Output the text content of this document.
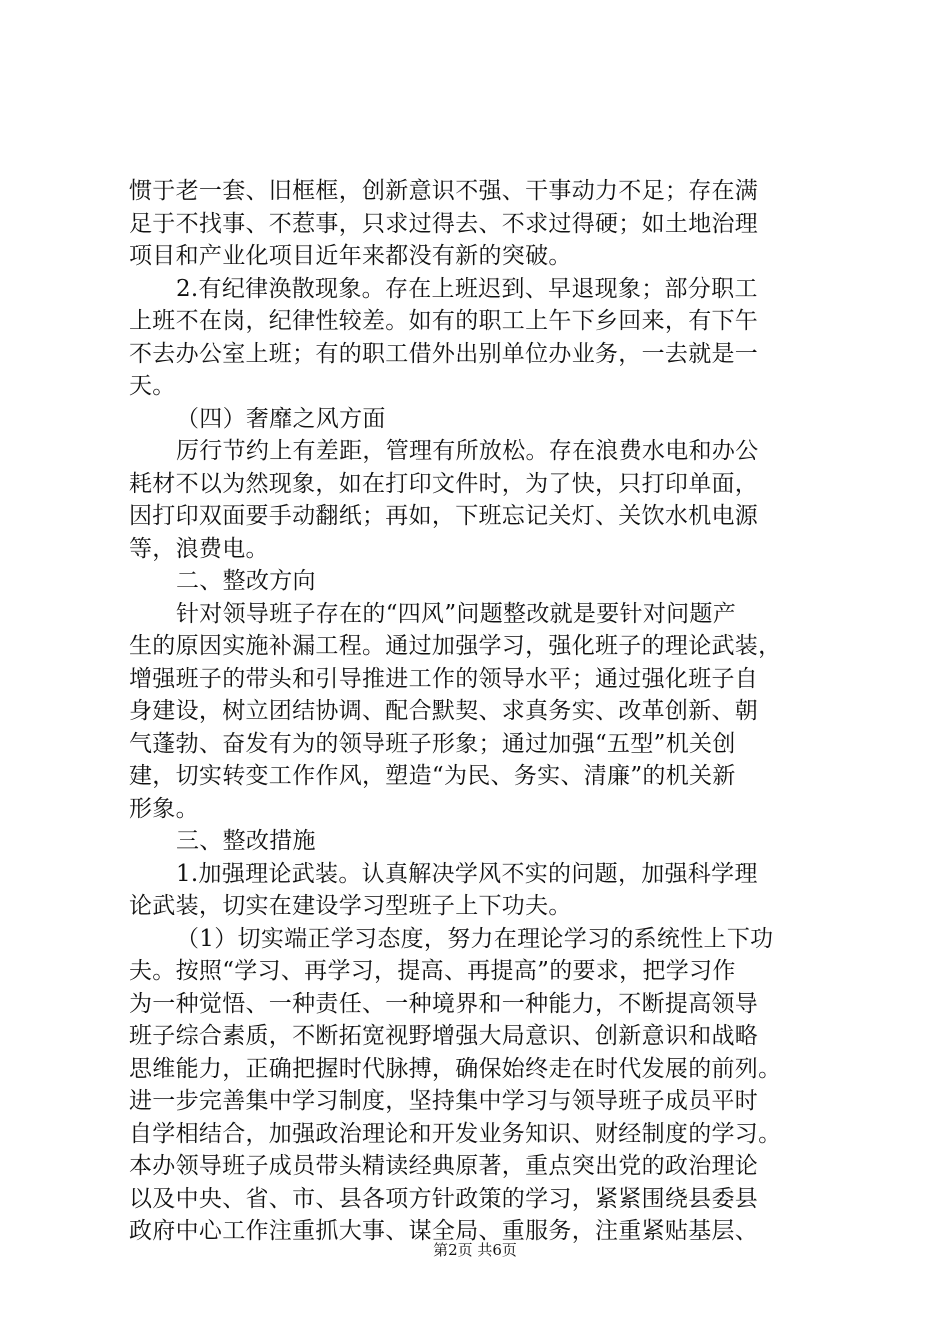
惯于老一套、旧框框，创新意识不强、干事动力不足；存在满
足于不找事、不惹事，只求过得去、不求过得硬；如土地治理
项目和产业化项目近年来都没有新的突破。
2.有纪律涣散现象。存在上班迟到、早退现象；部分职工
上班不在岗，纪律性较差。如有的职工上午下乡回来，有下午
不去办公室上班；有的职工借外出别单位办业务，一去就是一
天。
（四）奢靡之风方面
厉行节约上有差距，管理有所放松。存在浪费水电和办公
耗材不以为然现象，如在打印文件时，为了快，只打印单面，
因打印双面要手动翻纸；再如，下班忘记关灯、关饮水机电源
等，浪费电。
二、整改方向
针对领导班子存在的“四风”问题整改就是要针对问题产
生的原因实施补漏工程。通过加强学习，强化班子的理论武装，
增强班子的带头和引导推进工作的领导水平；通过强化班子自
身建设，树立团结协调、配合默契、求真务实、改革创新、朝
气蓬勃、奋发有为的领导班子形象；通过加强“五型”机关创
建，切实转变工作作风，塑造“为民、务实、清廉”的机关新
形象。
三、整改措施
1.加强理论武装。认真解决学风不实的问题，加强科学理
论武装，切实在建设学习型班子上下功夫。
（1）切实端正学习态度，努力在理论学习的系统性上下功
夫。按照“学习、再学习，提高、再提高”的要求，把学习作
为一种觉悟、一种责任、一种境界和一种能力，不断提高领导
班子综合素质，不断拓宽视野增强大局意识、创新意识和战略
思维能力，正确把握时代脉搏，确保始终走在时代发展的前列。
进一步完善集中学习制度，坚持集中学习与领导班子成员平时
自学相结合，加强政治理论和开发业务知识、财经制度的学习。
本办领导班子成员带头精读经典原著，重点突出党的政治理论
以及中央、省、市、县各项方针政策的学习，紧紧围绕县委县
政府中心工作注重抓大事、谋全局、重服务，注重紧贴基层、
第2页 共6页
